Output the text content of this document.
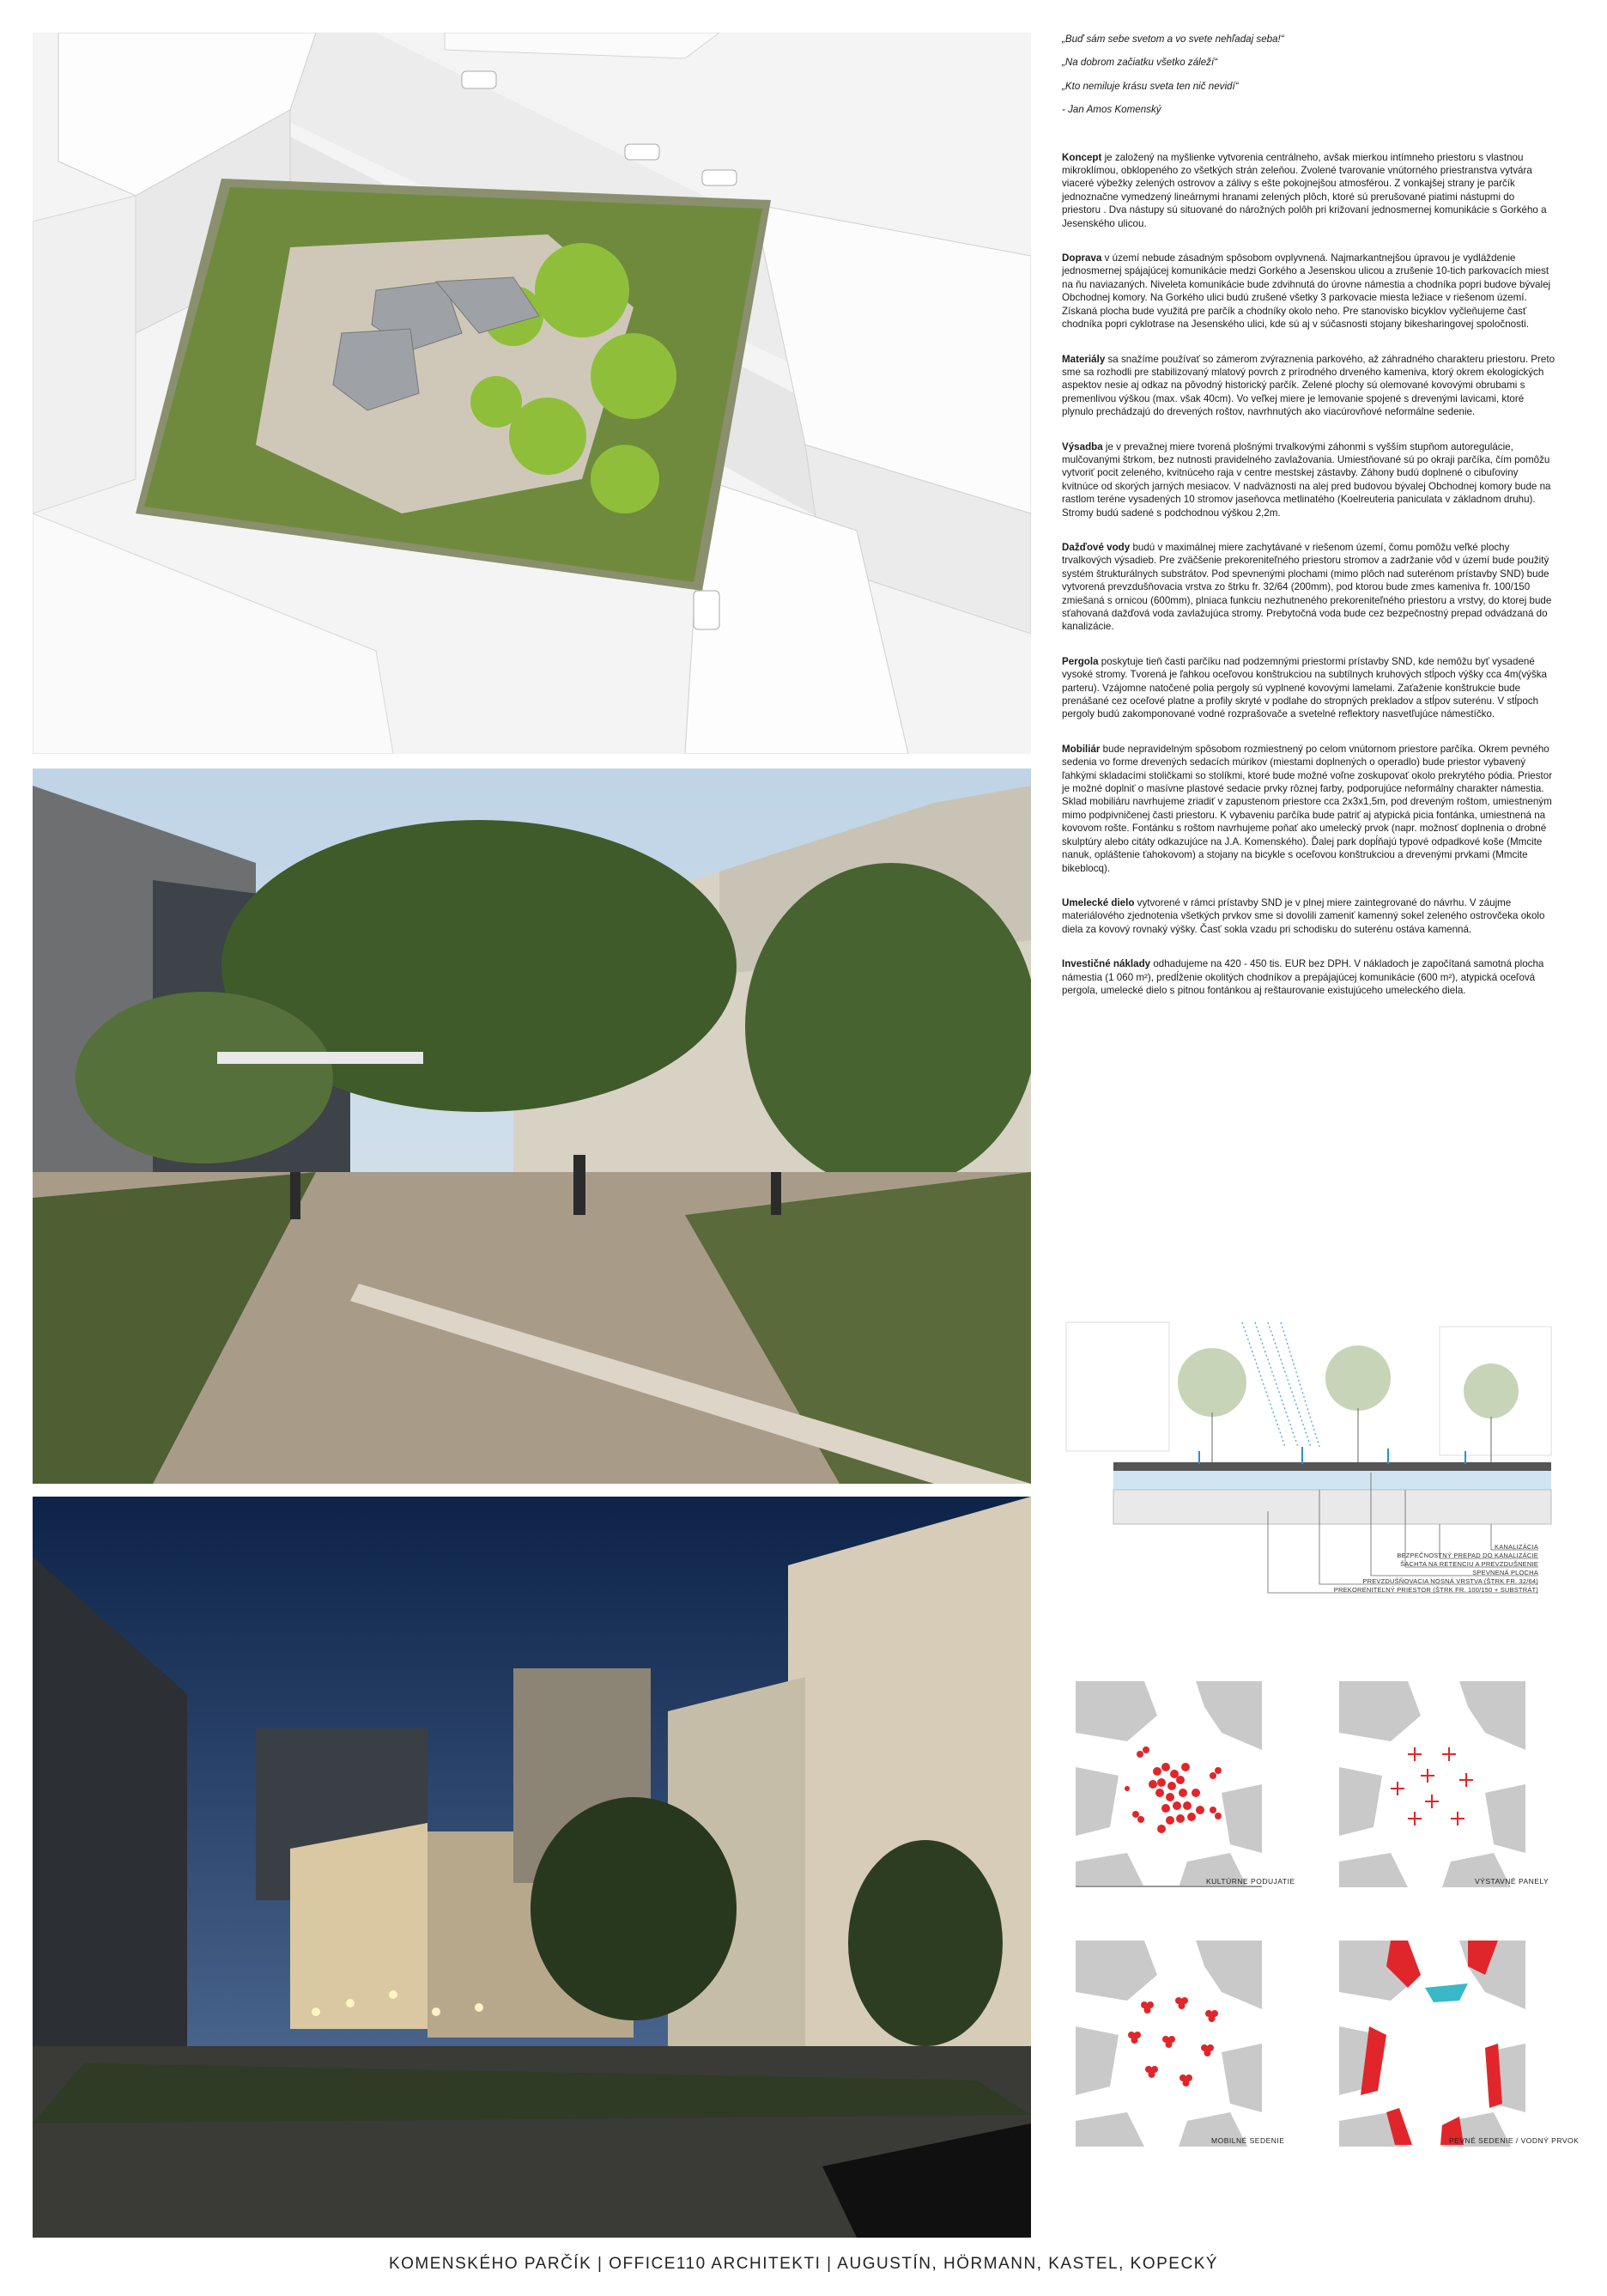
„Buď sám sebe svetom a vo svete nehľadaj seba!“

„Na dobrom začiatku všetko záleží“

„Kto nemiluje krásu sveta ten nič nevidí“

- Jan Amos Komenský

Koncept je založený na myšlienke vytvorenia centrálneho, avšak mierkou intímneho priestoru s vlastnou mikroklímou, obklopeného zo všetkých strán zeleňou. Zvolené tvarovanie vnútorného priestranstva vytvára viaceré výbežky zelených ostrovov a zálivy s ešte pokojnejšou atmosférou. Z vonkajšej strany je parčík jednoznačne vymedzený lineárnymi hranami zelených plôch, ktoré sú prerušované piatimi nástupmi do priestoru . Dva nástupy sú situované do nárožných polôh pri križovaní jednosmernej komunikácie s Gorkého a Jesenského ulicou.

Doprava v území nebude zásadným spôsobom ovplyvnená. Najmarkantnejšou úpravou je vydláždenie jednosmernej spájajúcej komunikácie medzi Gorkého a Jesenskou ulicou a zrušenie 10-tich parkovacích miest na ňu naviazaných. Niveleta komunikácie bude zdvihnutá do úrovne námestia a chodníka popri budove bývalej Obchodnej komory. Na Gorkého ulici budú zrušené všetky 3 parkovacie miesta ležiace v riešenom území. Získaná plocha bude využitá pre parčík a chodníky okolo neho. Pre stanovisko bicyklov vyčleňujeme časť chodníka popri cyklotrase na Jesenského ulici, kde sú aj v súčasnosti stojany bikesharingovej spoločnosti.

Materiály sa snažíme používať so zámerom zvýraznenia parkového, až záhradného charakteru priestoru. Preto sme sa rozhodli pre stabilizovaný mlatový povrch z prírodného drveného kameniva, ktorý okrem ekologických aspektov nesie aj odkaz na pôvodný historický parčík. Zelené plochy sú olemované kovovými obrubami s premenlivou výškou (max. však 40cm). Vo veľkej miere je lemovanie spojené s drevenými lavicami, ktoré plynulo prechádzajú do drevených roštov, navrhnutých ako viacúrovňové neformálne sedenie.

Výsadba je v prevažnej miere tvorená plošnými trvalkovými záhonmi s vyšším stupňom autoregulácie, mulčovanými štrkom, bez nutnosti pravidelného zavlažovania. Umiestňované sú po okraji parčíka, čím pomôžu vytvoriť pocit zeleného, kvitnúceho raja v centre mestskej zástavby. Záhony budú doplnené o cibuľoviny kvitnúce od skorých jarných mesiacov. V nadväznosti na alej pred budovou bývalej Obchodnej komory bude na rastlom teréne vysadených 10 stromov jaseňovca metlinatého (Koelreuteria paniculata v základnom druhu). Stromy budú sadené s podchodnou výškou 2,2m.

Dažďové vody budú v maximálnej miere zachytávané v riešenom území, čomu pomôžu veľké plochy trvalkových výsadieb. Pre zväčšenie prekoreniteľného priestoru stromov a zadržanie vôd v území bude použitý systém štrukturálnych substrátov. Pod spevnenými plochami (mimo plôch nad suterénom prístavby SND) bude vytvorená prevzdušňovacia vrstva zo štrku fr. 32/64 (200mm), pod ktorou bude zmes kameniva fr. 100/150 zmiešaná s ornicou (600mm), plniaca funkciu nezhutneného prekoreniteľného priestoru a vrstvy, do ktorej bude sťahovaná dažďová voda zavlažujúca stromy. Prebytočná voda bude cez bezpečnostný prepad odvádzaná do kanalizácie.

Pergola poskytuje tieň časti parčíku nad podzemnými priestormi prístavby SND, kde nemôžu byť vysadené vysoké stromy. Tvorená je ľahkou oceľovou konštrukciou na subtílnych kruhových stĺpoch výšky cca 4m(výška parteru). Vzájomne natočené polia pergoly sú vyplnené kovovými lamelami. Zaťaženie konštrukcie bude prenášané cez oceľové platne a profily skryté v podlahe do stropných prekladov a stĺpov suterénu. V stĺpoch pergoly budú zakomponované vodné rozprašovače a svetelné reflektory nasvetľujúce námestíčko.

Mobiliár bude nepravidelným spôsobom rozmiestnený po celom vnútornom priestore parčíka. Okrem pevného sedenia vo forme drevených sedacích múrikov (miestami doplnených o operadlo) bude priestor vybavený ľahkými skladacími stoličkami so stolíkmi, ktoré bude možné voľne zoskupovať okolo prekrytého pódia. Priestor je možné doplniť o masívne plastové sedacie prvky rôznej farby, podporujúce neformálny charakter námestia. Sklad mobiliáru navrhujeme zriadiť v zapustenom priestore cca 2x3x1,5m, pod dreveným roštom, umiestneným mimo podpivničenej časti priestoru. K vybaveniu parčíka bude patriť aj atypická picia fontánka, umiestnená na kovovom rošte. Fontánku s roštom navrhujeme poňať ako umelecký prvok (napr. možnosť doplnenia o drobné skulptúry alebo citáty odkazujúce na J.A. Komenského). Ďalej park dopĺňajú typové odpadkové koše (Mmcite nanuk, opláštenie ťahokovom) a stojany na bicykle s oceľovou konštrukciou a drevenými prvkami (Mmcite bikeblocq).

Umelecké dielo vytvorené v rámci prístavby SND je v plnej miere zaintegrované do návrhu. V záujme materiálového zjednotenia všetkých prvkov sme si dovolili zameniť kamenný sokel zeleného ostrovčeka okolo diela za kovový rovnaký výšky. Časť sokla vzadu pri schodisku do suterénu ostáva kamenná.

Investičné náklady odhadujeme na 420 - 450 tis. EUR bez DPH. V nákladoch je započítaná samotná plocha námestia (1 060 m²), predĺženie okolitých chodníkov a prepájajúcej komunikácie (600 m²), atypická oceľová pergola, umelecké dielo s pitnou fontánkou aj reštaurovanie existujúceho umeleckého diela.

KANALIZÁCIA
BEZPEČNOSTNÝ PREPAD DO KANALIZÁCIE
ŠACHTA NA RETENCIU A PREVZDUŠNENIE
SPEVNENÁ PLOCHA
PREVZDUŠŇOVACIA NOSNÁ VRSTVA (ŠTRK FR. 32/64)
PREKORENITEĽNÝ PRIESTOR (ŠTRK FR. 100/150 + SUBSTRÁT)
KULTÚRNE PODUJATIE	VÝSTAVNÉ PANELY
MOBILNÉ SEDENIE	PEVNÉ SEDENIE / VODNÝ PRVOK
KOMENSKÉHO PARČÍK | OFFICE110 ARCHITEKTI | AUGUSTÍN, HÖRMANN, KASTEL, KOPECKÝ
